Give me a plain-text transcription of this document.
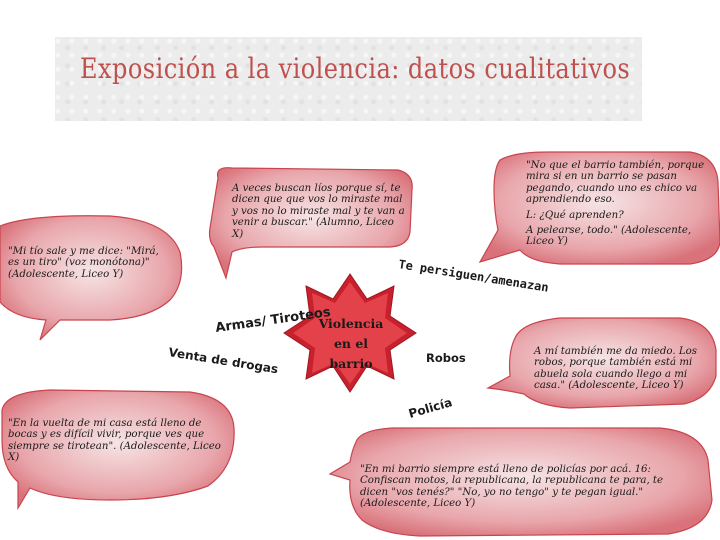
Exposición a la violencia: datos cualitativos
Armas/ Tiroteos
Venta de drogas
Te persiguen/amenazan
Policía
Violencia
en el
barrio	Robos

A veces buscan líos porque sí, te dicen que que vos lo miraste mal y vos no lo miraste mal y te van a venir a buscar." (Alumno, Liceo X)

"No que el barrio también, porque mira si en un barrio se pasan pegando, cuando uno es chico va aprendiendo eso.

L: ¿Qué aprenden?

A pelearse, todo." (Adolescente, Liceo Y)

"Mi tío sale y me dice: "Mirá, es un tiro" (voz monótona)" (Adolescente, Liceo Y)

"En la vuelta de mi casa está lleno de bocas y es difícil vivir, porque ves que siempre se tirotean". (Adolescente, Liceo X)

A mí también me da miedo. Los robos, porque también está mi abuela sola cuando llego a mi casa." (Adolescente, Liceo Y)

"En mi barrio siempre está lleno de policías por acá. 16: Confiscan motos, la republicana, la republicana te para, te dicen "vos tenés?" "No, yo no tengo" y te pegan igual." (Adolescente, Liceo Y)
